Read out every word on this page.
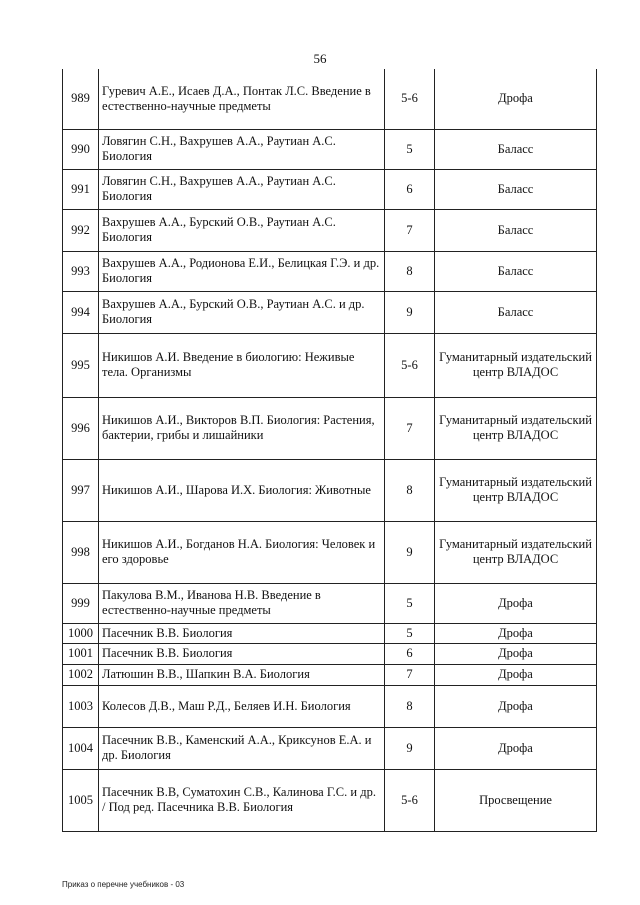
56
989	Гуревич А.Е., Исаев Д.А., Понтак Л.С. Введение в естественно-научные предметы	5-6	Дрофа
990	Ловягин С.Н., Вахрушев А.А., Раутиан А.С. Биология	5	Баласс
991	Ловягин С.Н., Вахрушев А.А., Раутиан А.С. Биология	6	Баласс
992	Вахрушев А.А., Бурский О.В., Раутиан А.С. Биология	7	Баласс
993	Вахрушев А.А., Родионова Е.И., Белицкая Г.Э. и др. Биология	8	Баласс
994	Вахрушев А.А., Бурский О.В., Раутиан А.С. и др. Биология	9	Баласс
995	Никишов А.И. Введение в биологию: Неживые тела. Организмы	5-6	Гуманитарный издательский центр ВЛАДОС
996	Никишов А.И., Викторов В.П. Биология: Растения, бактерии, грибы и лишайники	7	Гуманитарный издательский центр ВЛАДОС
997	Никишов А.И., Шарова И.Х. Биология: Животные	8	Гуманитарный издательский центр ВЛАДОС
998	Никишов А.И., Богданов Н.А. Биология: Человек и его здоровье	9	Гуманитарный издательский центр ВЛАДОС
999	Пакулова В.М., Иванова Н.В. Введение в естественно-научные предметы	5	Дрофа
1000	Пасечник В.В. Биология	5	Дрофа
1001	Пасечник В.В. Биология	6	Дрофа
1002	Латюшин В.В., Шапкин В.А. Биология	7	Дрофа
1003	Колесов Д.В., Маш Р.Д., Беляев И.Н. Биология	8	Дрофа
1004	Пасечник В.В., Каменский А.А., Криксунов Е.А. и др. Биология	9	Дрофа
1005	Пасечник В.В, Суматохин С.В., Калинова Г.С. и др. / Под ред. Пасечника В.В. Биология	5-6	Просвещение
Приказ о перечне учебников - 03
